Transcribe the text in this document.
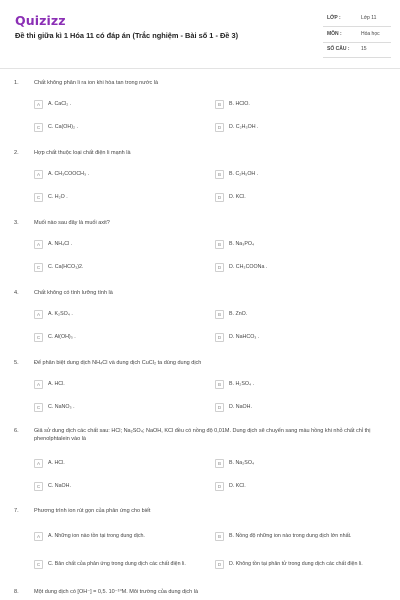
Quizizz
Đề thi giữa kì 1 Hóa 11 có đáp án (Trắc nghiệm - Bài số 1 - Đề 3)
LỚP :	Lớp 11
MÔN :	Hóa học
SỐ CÂU : 15
1.	Chất không phân li ra ion khi hòa tan trong nước là
A	A. CaCl₂ .	B	B. HClO.
C	C. Ca(OH)₂ .	D	D. C₂H₅OH .
2.	Hợp chất thuộc loại chất điện li mạnh là
A	A. CH₃COOCH₃ .	B	B. C₂H₅OH .
C	C. H₂O .	D	D. KCl.
3.	Muối nào sau đây là muối axit?
A	A. NH₄Cl .	B	B. Na₃PO₄
C	C. Ca(HCO₃)2.	D	D. CH₃COONa .
4.	Chất không có tính lưỡng tính là
A	A. K₂SO₄ .	B	B. ZnO.
C	C. Al(OH)₃ .	D	D. NaHCO₃ .
5.	Để phân biệt dung dịch NH₄Cl và dung dịch CuCl₂ ta dùng dung dịch
A	A. HCl.	B	B. H₂SO₄ .
C	C. NaNO₃ .	D	D. NaOH.
6.	Giả sử dung dịch các chất sau: HCl; Na₂SO₄; NaOH, KCl đều có nồng độ 0,01M. Dung dịch sẽ chuyển sang màu hồng khi nhỏ chất chỉ thị phenolphtalein vào là
A	A. HCl.	B	B. Na₂SO₄
C	C. NaOH.	D	D. KCl.
7.	Phương trình ion rút gọn của phản ứng cho biết
A	A. Những ion nào tồn tại trong dung dịch.	B	B. Nồng độ những ion nào trong dung dịch lớn nhất.
C	C. Bản chất của phản ứng trong dung dịch các chất điện li.	D	D. Không tồn tại phân tử trong dung dịch các chất điện li.
8.	Một dung dịch có [OH⁻] = 0,5. 10⁻¹⁰M. Môi trường của dung dịch là
